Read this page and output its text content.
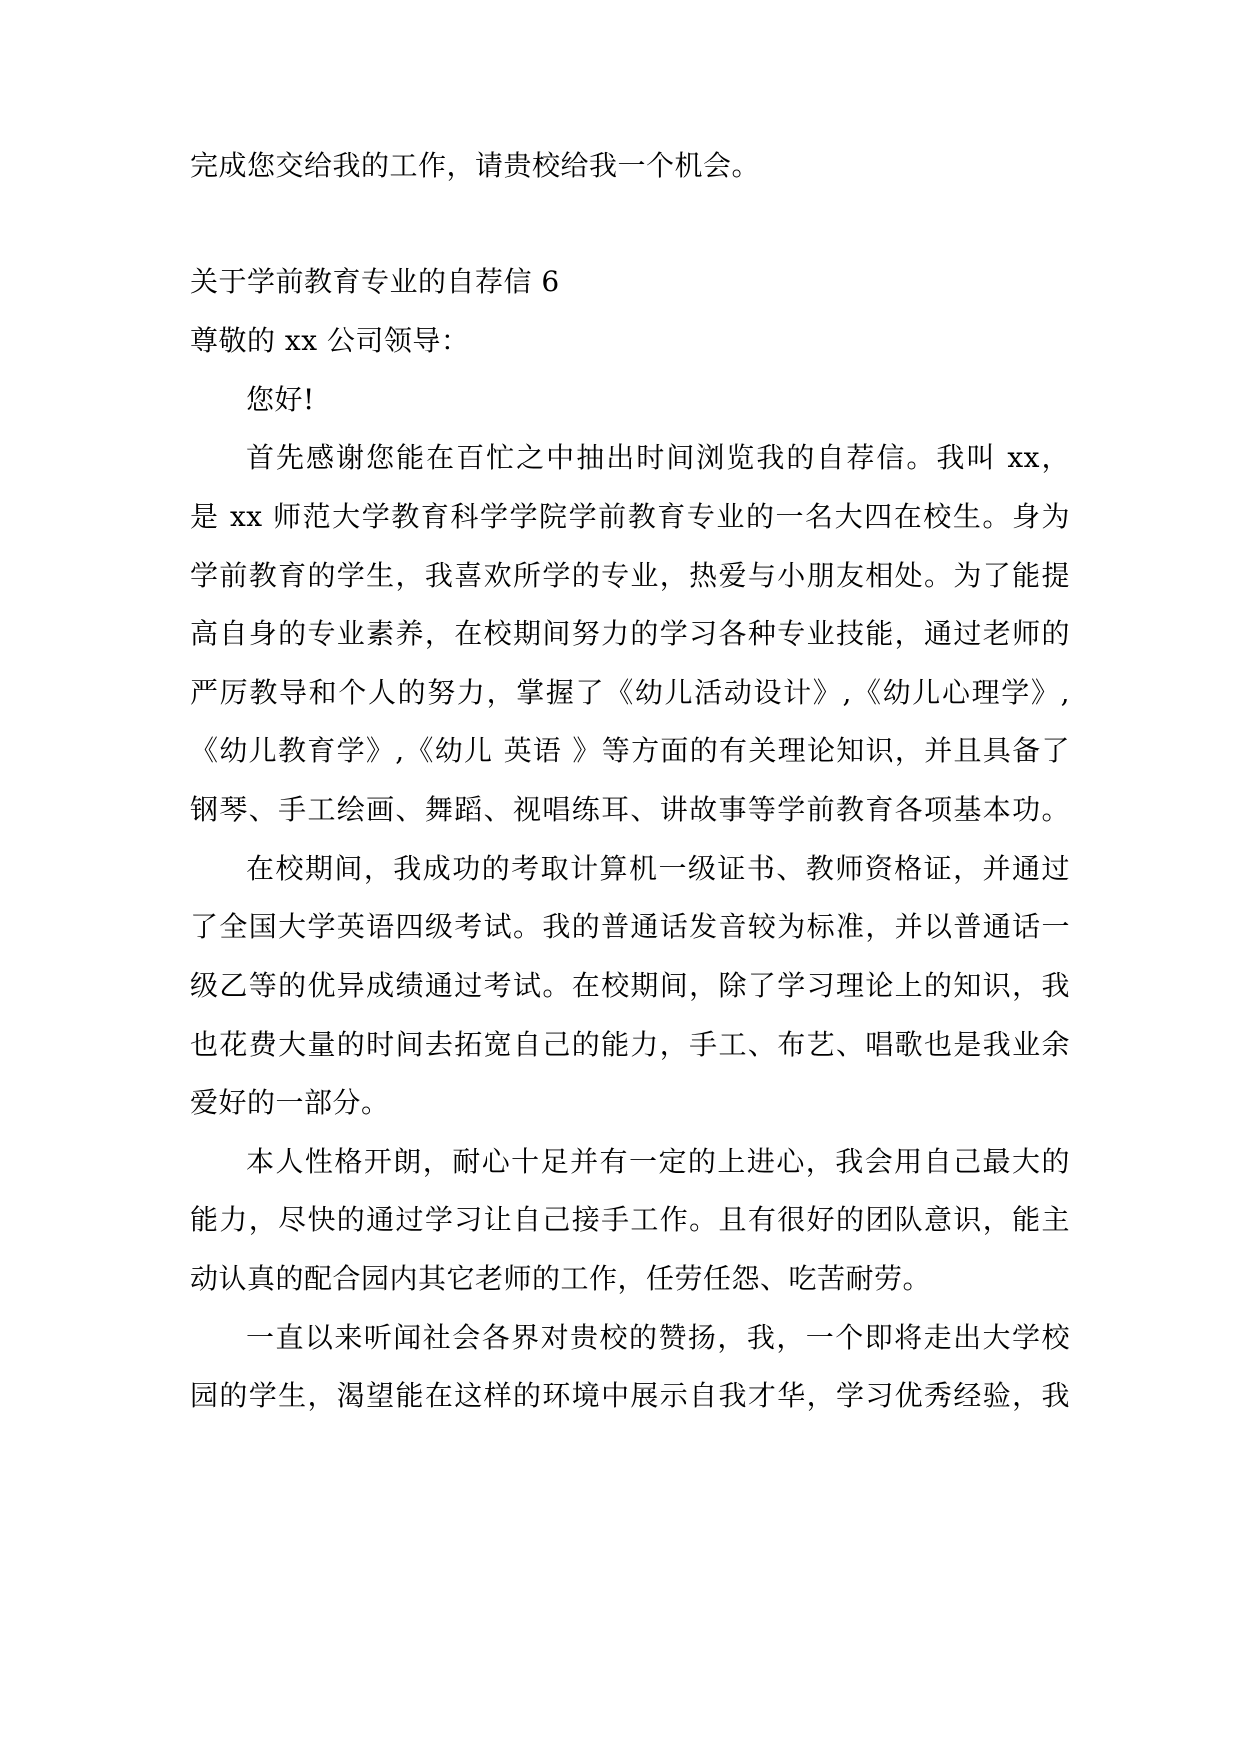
完成您交给我的工作，请贵校给我一个机会。
关于学前教育专业的自荐信 6
尊敬的 xx 公司领导：
您好!
首先感谢您能在百忙之中抽出时间浏览我的自荐信。我叫 xx，
是 xx 师范大学教育科学学院学前教育专业的一名大四在校生。身为
学前教育的学生，我喜欢所学的专业，热爱与小朋友相处。为了能提
高自身的专业素养，在校期间努力的学习各种专业技能，通过老师的
严厉教导和个人的努力，掌握了《幼儿活动设计》,《幼儿心理学》,
《幼儿教育学》,《幼儿 英语 》等方面的有关理论知识，并且具备了
钢琴、手工绘画、舞蹈、视唱练耳、讲故事等学前教育各项基本功。
在校期间，我成功的考取计算机一级证书、教师资格证，并通过
了全国大学英语四级考试。我的普通话发音较为标准，并以普通话一
级乙等的优异成绩通过考试。在校期间，除了学习理论上的知识，我
也花费大量的时间去拓宽自己的能力，手工、布艺、唱歌也是我业余
爱好的一部分。
本人性格开朗，耐心十足并有一定的上进心，我会用自己最大的
能力，尽快的通过学习让自己接手工作。且有很好的团队意识，能主
动认真的配合园内其它老师的工作，任劳任怨、吃苦耐劳。
一直以来听闻社会各界对贵校的赞扬，我，一个即将走出大学校
园的学生，渴望能在这样的环境中展示自我才华，学习优秀经验，我
